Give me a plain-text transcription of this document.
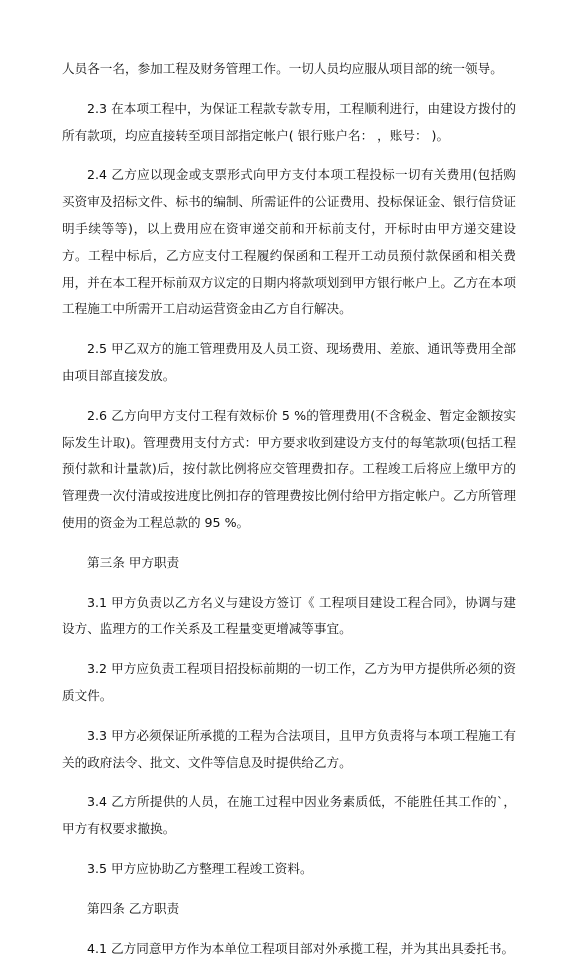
人员各一名，参加工程及财务管理工作。一切人员均应服从项目部的统一领导。

2.3 在本项工程中，为保证工程款专款专用，工程顺利进行，由建设方拨付的所有款项，均应直接转至项目部指定帐户( 银行账户名： ，账号： )。

2.4 乙方应以现金或支票形式向甲方支付本项工程投标一切有关费用(包括购买资审及招标文件、标书的编制、所需证件的公证费用、投标保证金、银行信贷证明手续等等)，以上费用应在资审递交前和开标前支付，开标时由甲方递交建设方。工程中标后，乙方应支付工程履约保函和工程开工动员预付款保函和相关费用，并在本工程开标前双方议定的日期内将款项划到甲方银行帐户上。乙方在本项工程施工中所需开工启动运营资金由乙方自行解决。

2.5 甲乙双方的施工管理费用及人员工资、现场费用、差旅、通讯等费用全部由项目部直接发放。

2.6 乙方向甲方支付工程有效标价 5 %的管理费用(不含税金、暂定金额按实际发生计取)。管理费用支付方式：甲方要求收到建设方支付的每笔款项(包括工程预付款和计量款)后，按付款比例将应交管理费扣存。工程竣工后将应上缴甲方的管理费一次付清或按进度比例扣存的管理费按比例付给甲方指定帐户。乙方所管理使用的资金为工程总款的 95 %。

第三条 甲方职责

3.1 甲方负责以乙方名义与建设方签订《 工程项目建设工程合同》，协调与建设方、监理方的工作关系及工程量变更增减等事宜。

3.2 甲方应负责工程项目招投标前期的一切工作，乙方为甲方提供所必须的资质文件。

3.3 甲方必须保证所承揽的工程为合法项目，且甲方负责将与本项工程施工有关的政府法令、批文、文件等信息及时提供给乙方。

3.4 乙方所提供的人员，在施工过程中因业务素质低，不能胜任其工作的`，甲方有权要求撤换。

3.5 甲方应协助乙方整理工程竣工资料。

第四条 乙方职责

4.1 乙方同意甲方作为本单位工程项目部对外承揽工程，并为其出具委托书。
